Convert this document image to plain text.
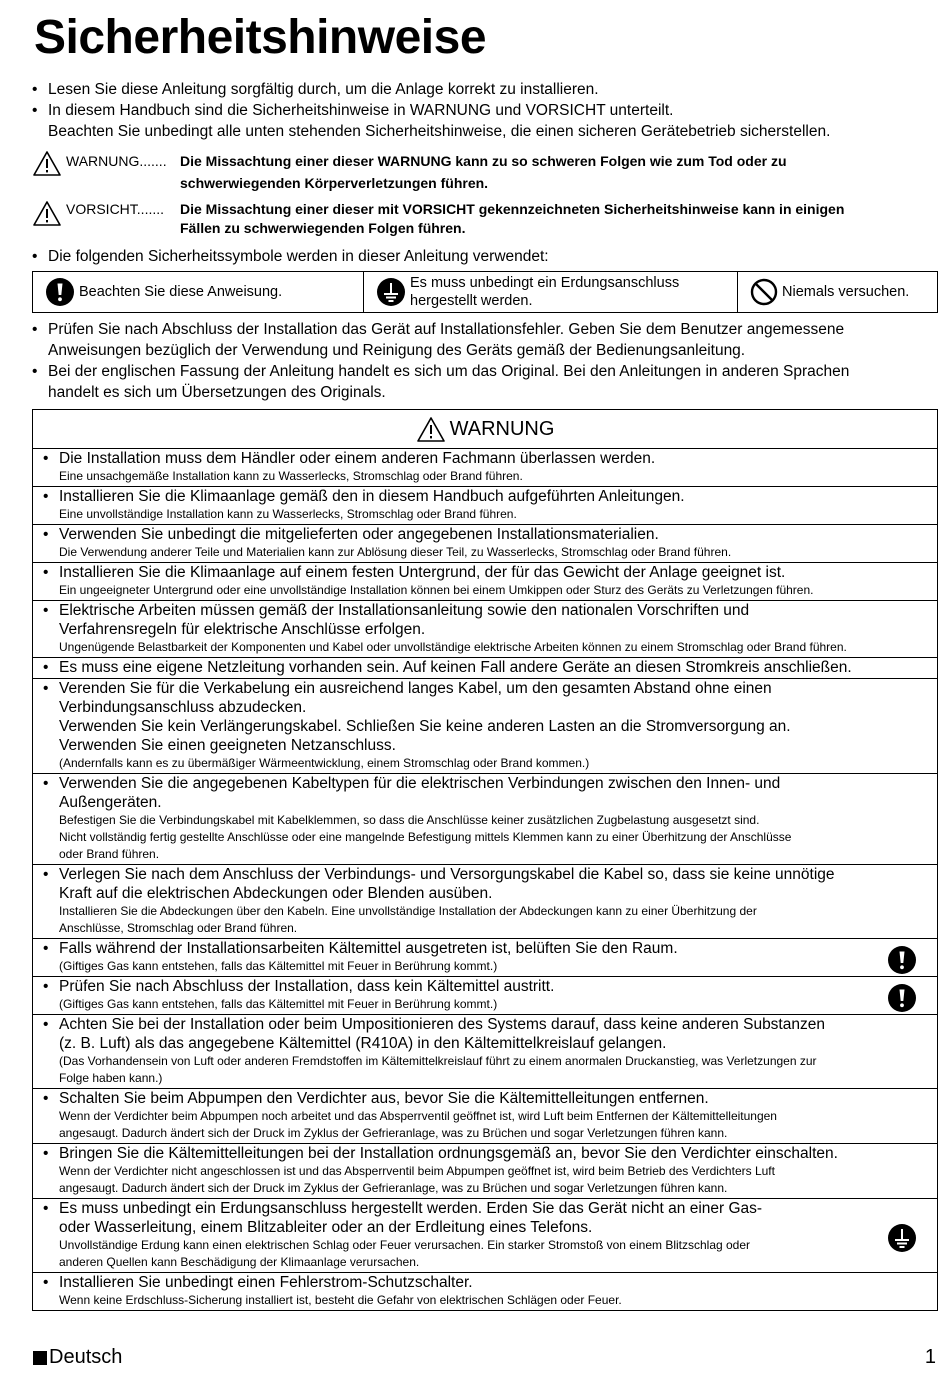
Sicherheitshinweise
• Lesen Sie diese Anleitung sorgfältig durch, um die Anlage korrekt zu installieren.
• In diesem Handbuch sind die Sicherheitshinweise in WARNUNG und VORSICHT unterteilt.
Beachten Sie unbedingt alle unten stehenden Sicherheitshinweise, die einen sicheren Gerätebetrieb sicherstellen.
WARNUNG....... Die Missachtung einer dieser WARNUNG kann zu so schweren Folgen wie zum Tod oder zu
schwerwiegenden Körperverletzungen führen.
VORSICHT....... Die Missachtung einer dieser mit VORSICHT gekennzeichneten Sicherheitshinweise kann in einigen
Fällen zu schwerwiegenden Folgen führen.
• Die folgenden Sicherheitssymbole werden in dieser Anleitung verwendet:
Beachten Sie diese Anweisung.
Es muss unbedingt ein Erdungsanschluss
hergestellt werden.
Niemals versuchen.
• Prüfen Sie nach Abschluss der Installation das Gerät auf Installationsfehler. Geben Sie dem Benutzer angemessene
Anweisungen bezüglich der Verwendung und Reinigung des Geräts gemäß der Bedienungsanleitung.
• Bei der englischen Fassung der Anleitung handelt es sich um das Original. Bei den Anleitungen in anderen Sprachen
handelt es sich um Übersetzungen des Originals.
WARNUNG
• Die Installation muss dem Händler oder einem anderen Fachmann überlassen werden.
Eine unsachgemäße Installation kann zu Wasserlecks, Stromschlag oder Brand führen.
• Installieren Sie die Klimaanlage gemäß den in diesem Handbuch aufgeführten Anleitungen.
Eine unvollständige Installation kann zu Wasserlecks, Stromschlag oder Brand führen.
• Verwenden Sie unbedingt die mitgelieferten oder angegebenen Installationsmaterialien.
Die Verwendung anderer Teile und Materialien kann zur Ablösung dieser Teil, zu Wasserlecks, Stromschlag oder Brand führen.
• Installieren Sie die Klimaanlage auf einem festen Untergrund, der für das Gewicht der Anlage geeignet ist.
Ein ungeeigneter Untergrund oder eine unvollständige Installation können bei einem Umkippen oder Sturz des Geräts zu Verletzungen führen.
• Elektrische Arbeiten müssen gemäß der Installationsanleitung sowie den nationalen Vorschriften und
Verfahrensregeln für elektrische Anschlüsse erfolgen.
Ungenügende Belastbarkeit der Komponenten und Kabel oder unvollständige elektrische Arbeiten können zu einem Stromschlag oder Brand führen.
• Es muss eine eigene Netzleitung vorhanden sein. Auf keinen Fall andere Geräte an diesen Stromkreis anschließen.
• Verenden Sie für die Verkabelung ein ausreichend langes Kabel, um den gesamten Abstand ohne einen
Verbindungsanschluss abzudecken.
Verwenden Sie kein Verlängerungskabel. Schließen Sie keine anderen Lasten an die Stromversorgung an.
Verwenden Sie einen geeigneten Netzanschluss.
(Andernfalls kann es zu übermäßiger Wärmeentwicklung, einem Stromschlag oder Brand kommen.)
• Verwenden Sie die angegebenen Kabeltypen für die elektrischen Verbindungen zwischen den Innen- und
Außengeräten.
Befestigen Sie die Verbindungskabel mit Kabelklemmen, so dass die Anschlüsse keiner zusätzlichen Zugbelastung ausgesetzt sind.
Nicht vollständig fertig gestellte Anschlüsse oder eine mangelnde Befestigung mittels Klemmen kann zu einer Überhitzung der Anschlüsse
oder Brand führen.
• Verlegen Sie nach dem Anschluss der Verbindungs- und Versorgungskabel die Kabel so, dass sie keine unnötige
Kraft auf die elektrischen Abdeckungen oder Blenden ausüben.
Installieren Sie die Abdeckungen über den Kabeln. Eine unvollständige Installation der Abdeckungen kann zu einer Überhitzung der
Anschlüsse, Stromschlag oder Brand führen.
• Falls während der Installationsarbeiten Kältemittel ausgetreten ist, belüften Sie den Raum.
(Giftiges Gas kann entstehen, falls das Kältemittel mit Feuer in Berührung kommt.)
• Prüfen Sie nach Abschluss der Installation, dass kein Kältemittel austritt.
(Giftiges Gas kann entstehen, falls das Kältemittel mit Feuer in Berührung kommt.)
• Achten Sie bei der Installation oder beim Umpositionieren des Systems darauf, dass keine anderen Substanzen
(z. B. Luft) als das angegebene Kältemittel (R410A) in den Kältemittelkreislauf gelangen.
(Das Vorhandensein von Luft oder anderen Fremdstoffen im Kältemittelkreislauf führt zu einem anormalen Druckanstieg, was Verletzungen zur
Folge haben kann.)
• Schalten Sie beim Abpumpen den Verdichter aus, bevor Sie die Kältemittelleitungen entfernen.
Wenn der Verdichter beim Abpumpen noch arbeitet und das Absperrventil geöffnet ist, wird Luft beim Entfernen der Kältemittelleitungen
angesaugt. Dadurch ändert sich der Druck im Zyklus der Gefrieranlage, was zu Brüchen und sogar Verletzungen führen kann.
• Bringen Sie die Kältemittelleitungen bei der Installation ordnungsgemäß an, bevor Sie den Verdichter einschalten.
Wenn der Verdichter nicht angeschlossen ist und das Absperrventil beim Abpumpen geöffnet ist, wird beim Betrieb des Verdichters Luft
angesaugt. Dadurch ändert sich der Druck im Zyklus der Gefrieranlage, was zu Brüchen und sogar Verletzungen führen kann.
• Es muss unbedingt ein Erdungsanschluss hergestellt werden. Erden Sie das Gerät nicht an einer Gas-
oder Wasserleitung, einem Blitzableiter oder an der Erdleitung eines Telefons.
Unvollständige Erdung kann einen elektrischen Schlag oder Feuer verursachen. Ein starker Stromstoß von einem Blitzschlag oder
anderen Quellen kann Beschädigung der Klimaanlage verursachen.
• Installieren Sie unbedingt einen Fehlerstrom-Schutzschalter.
Wenn keine Erdschluss-Sicherung installiert ist, besteht die Gefahr von elektrischen Schlägen oder Feuer.
Deutsch	1
